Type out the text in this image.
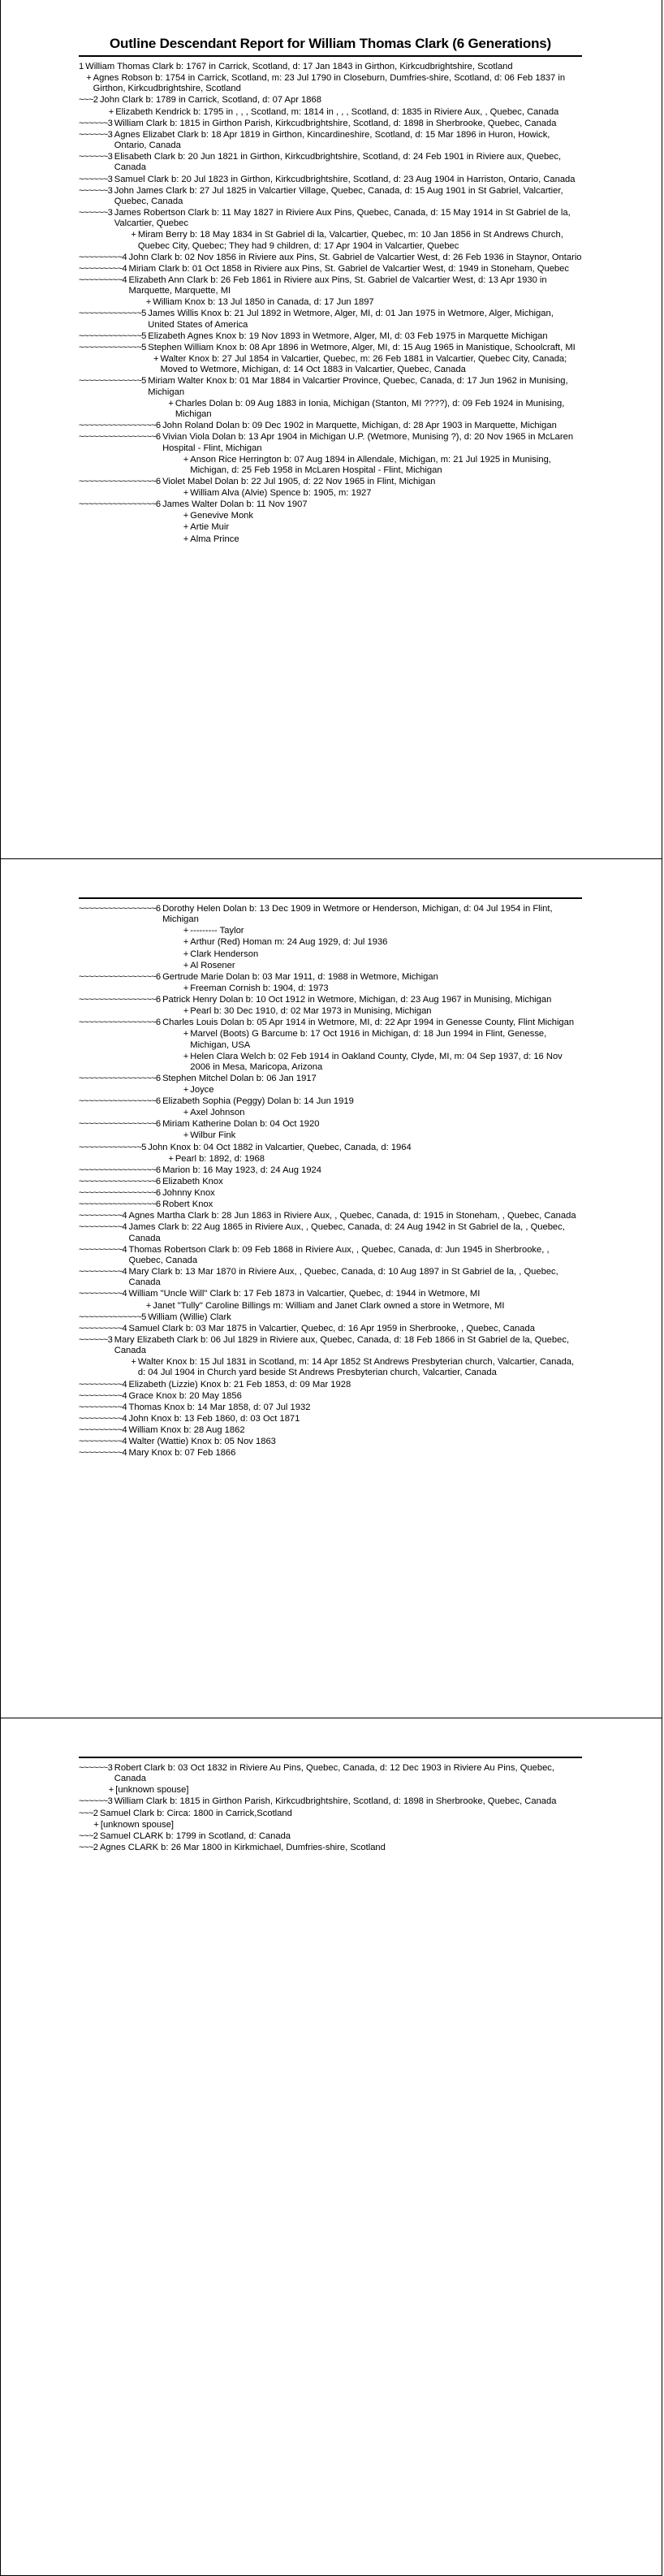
Outline Descendant Report for William Thomas Clark (6 Generations)
1 William Thomas Clark b: 1767 in Carrick, Scotland, d: 17 Jan 1843 in Girthon, Kirkcudbrightshire, Scotland
+ Agnes Robson b: 1754 in Carrick, Scotland, m: 23 Jul 1790 in Closeburn, Dumfries-shire, Scotland, d: 06 Feb 1837 in Girthon, Kirkcudbrightshire, Scotland
~~~2 John Clark b: 1789 in Carrick, Scotland, d: 07 Apr 1868
+ Elizabeth Kendrick b: 1795 in , , , Scotland, m: 1814 in , , , Scotland, d: 1835 in Riviere Aux, , Quebec, Canada
~~~~~~3 William Clark b: 1815 in Girthon Parish, Kirkcudbrightshire, Scotland, d: 1898 in Sherbrooke, Quebec, Canada
~~~~~~3 Agnes Elizabet Clark b: 18 Apr 1819 in Girthon, Kincardineshire, Scotland, d: 15 Mar 1896 in Huron, Howick, Ontario, Canada
~~~~~~3 Elisabeth Clark b: 20 Jun 1821 in Girthon, Kirkcudbrightshire, Scotland, d: 24 Feb 1901 in Riviere aux, Quebec, Canada
~~~~~~3 Samuel Clark b: 20 Jul 1823 in Girthon, Kirkcudbrightshire, Scotland, d: 23 Aug 1904 in Harriston, Ontario, Canada
~~~~~~3 John James Clark b: 27 Jul 1825 in Valcartier Village, Quebec, Canada, d: 15 Aug 1901 in St Gabriel, Valcartier, Quebec, Canada
~~~~~~3 James Robertson Clark b: 11 May 1827 in Riviere Aux Pins, Quebec, Canada, d: 15 May 1914 in St Gabriel de la, Valcartier, Quebec
+ Miram Berry b: 18 May 1834 in St Gabriel di la, Valcartier, Quebec, m: 10 Jan 1856 in St Andrews Church, Quebec City, Quebec; They had 9 children, d: 17 Apr 1904 in Valcartier, Quebec
~~~~~~~~~4 John Clark b: 02 Nov 1856 in Riviere aux Pins, St. Gabriel de Valcartier West, d: 26 Feb 1936 in Staynor, Ontario
~~~~~~~~~4 Miriam Clark b: 01 Oct 1858 in Riviere aux Pins, St. Gabriel de Valcartier West, d: 1949 in Stoneham, Quebec
~~~~~~~~~4 Elizabeth Ann Clark b: 26 Feb 1861 in Riviere aux Pins, St. Gabriel de Valcartier West, d: 13 Apr 1930 in Marquette, Marquette, MI
+ William Knox b: 13 Jul 1850 in Canada, d: 17 Jun 1897
~~~~~~~~~~~~~5 James Willis Knox b: 21 Jul 1892 in Wetmore, Alger, MI, d: 01 Jan 1975 in Wetmore, Alger, Michigan, United States of America
~~~~~~~~~~~~~5 Elizabeth Agnes Knox b: 19 Nov 1893 in Wetmore, Alger, MI, d: 03 Feb 1975 in Marquette Michigan
~~~~~~~~~~~~~5 Stephen William Knox b: 08 Apr 1896 in Wetmore, Alger, MI, d: 15 Aug 1965 in Manistique, Schoolcraft, MI
+ Walter Knox b: 27 Jul 1854 in Valcartier, Quebec, m: 26 Feb 1881 in Valcartier, Quebec City, Canada; Moved to Wetmore, Michigan, d: 14 Oct 1883 in Valcartier, Quebec, Canada
~~~~~~~~~~~~~5 Miriam Walter Knox b: 01 Mar 1884 in Valcartier Province, Quebec, Canada, d: 17 Jun 1962 in Munising, Michigan
+ Charles Dolan b: 09 Aug 1883 in Ionia, Michigan (Stanton, MI ????), d: 09 Feb 1924 in Munising, Michigan
~~~~~~~~~~~~~~~~6 John Roland Dolan b: 09 Dec 1902 in Marquette, Michigan, d: 28 Apr 1903 in Marquette, Michigan
~~~~~~~~~~~~~~~~6 Vivian Viola Dolan b: 13 Apr 1904 in Michigan U.P. (Wetmore, Munising ?), d: 20 Nov 1965 in McLaren Hospital - Flint, Michigan
+ Anson Rice Herrington b: 07 Aug 1894 in Allendale, Michigan, m: 21 Jul 1925 in Munising, Michigan, d: 25 Feb 1958 in McLaren Hospital - Flint, Michigan
~~~~~~~~~~~~~~~~6 Violet Mabel Dolan b: 22 Jul 1905, d: 22 Nov 1965 in Flint, Michigan
+ William Alva (Alvie) Spence b: 1905, m: 1927
~~~~~~~~~~~~~~~~6 James Walter Dolan b: 11 Nov 1907
+ Genevive Monk
+ Artie Muir
+ Alma Prince
~~~~~~~~~~~~~~~~6 Dorothy Helen Dolan b: 13 Dec 1909 in Wetmore or Henderson, Michigan, d: 04 Jul 1954 in Flint, Michigan
+ --------- Taylor
+ Arthur (Red) Homan m: 24 Aug 1929, d: Jul 1936
+ Clark Henderson
+ Al Rosener
~~~~~~~~~~~~~~~~6 Gertrude Marie Dolan b: 03 Mar 1911, d: 1988 in Wetmore, Michigan
+ Freeman Cornish b: 1904, d: 1973
~~~~~~~~~~~~~~~~6 Patrick Henry Dolan b: 10 Oct 1912 in Wetmore, Michigan, d: 23 Aug 1967 in Munising, Michigan
+ Pearl b: 30 Dec 1910, d: 02 Mar 1973 in Munising, Michigan
~~~~~~~~~~~~~~~~6 Charles Louis Dolan b: 05 Apr 1914 in Wetmore, MI, d: 22 Apr 1994 in Genesse County, Flint Michigan
+ Marvel (Boots) G Barcume b: 17 Oct 1916 in Michigan, d: 18 Jun 1994 in Flint, Genesse, Michigan, USA
+ Helen Clara Welch b: 02 Feb 1914 in Oakland County, Clyde, MI, m: 04 Sep 1937, d: 16 Nov 2006 in Mesa, Maricopa, Arizona
~~~~~~~~~~~~~~~~6 Stephen Mitchel Dolan b: 06 Jan 1917
+ Joyce
~~~~~~~~~~~~~~~~6 Elizabeth Sophia (Peggy) Dolan b: 14 Jun 1919
+ Axel Johnson
~~~~~~~~~~~~~~~~6 Miriam Katherine Dolan b: 04 Oct 1920
+ Wilbur Fink
~~~~~~~~~~~~~5 John Knox b: 04 Oct 1882 in Valcartier, Quebec, Canada, d: 1964
+ Pearl b: 1892, d: 1968
~~~~~~~~~~~~~~~~6 Marion b: 16 May 1923, d: 24 Aug 1924
~~~~~~~~~~~~~~~~6 Elizabeth Knox
~~~~~~~~~~~~~~~~6 Johnny Knox
~~~~~~~~~~~~~~~~6 Robert Knox
~~~~~~~~~4 Agnes Martha Clark b: 28 Jun 1863 in Riviere Aux, , Quebec, Canada, d: 1915 in Stoneham, , Quebec, Canada
~~~~~~~~~4 James Clark b: 22 Aug 1865 in Riviere Aux, , Quebec, Canada, d: 24 Aug 1942 in St Gabriel de la, , Quebec, Canada
~~~~~~~~~4 Thomas Robertson Clark b: 09 Feb 1868 in Riviere Aux, , Quebec, Canada, d: Jun 1945 in Sherbrooke, , Quebec, Canada
~~~~~~~~~4 Mary Clark b: 13 Mar 1870 in Riviere Aux, , Quebec, Canada, d: 10 Aug 1897 in St Gabriel de la, , Quebec, Canada
~~~~~~~~~4 William "Uncle Will" Clark b: 17 Feb 1873 in Valcartier, Quebec, d: 1944 in Wetmore, MI
+ Janet "Tully" Caroline Billings m: William and Janet Clark owned a store in Wetmore, MI
~~~~~~~~~~~~~5 William (Willie) Clark
~~~~~~~~~4 Samuel Clark b: 03 Mar 1875 in Valcartier, Quebec, d: 16 Apr 1959 in Sherbrooke, , Quebec, Canada
~~~~~~3 Mary Elizabeth Clark b: 06 Jul 1829 in Riviere aux, Quebec, Canada, d: 18 Feb 1866 in St Gabriel de la, Quebec, Canada
+ Walter Knox b: 15 Jul 1831 in Scotland, m: 14 Apr 1852 St Andrews Presbyterian church, Valcartier, Canada, d: 04 Jul 1904 in Church yard beside St Andrews Presbyterian church, Valcartier, Canada
~~~~~~~~~4 Elizabeth (Lizzie) Knox b: 21 Feb 1853, d: 09 Mar 1928
~~~~~~~~~4 Grace Knox b: 20 May 1856
~~~~~~~~~4 Thomas Knox b: 14 Mar 1858, d: 07 Jul 1932
~~~~~~~~~4 John Knox b: 13 Feb 1860, d: 03 Oct 1871
~~~~~~~~~4 William Knox b: 28 Aug 1862
~~~~~~~~~4 Walter (Wattie) Knox b: 05 Nov 1863
~~~~~~~~~4 Mary Knox b: 07 Feb 1866
~~~~~~3 Robert Clark b: 03 Oct 1832 in Riviere Au Pins, Quebec, Canada, d: 12 Dec 1903 in Riviere Au Pins, Quebec, Canada
+ [unknown spouse]
~~~~~~3 William Clark b: 1815 in Girthon Parish, Kirkcudbrightshire, Scotland, d: 1898 in Sherbrooke, Quebec, Canada
~~~2 Samuel Clark b: Circa: 1800 in Carrick,Scotland
+ [unknown spouse]
~~~2 Samuel CLARK b: 1799 in Scotland, d: Canada
~~~2 Agnes CLARK b: 26 Mar 1800 in Kirkmichael, Dumfries-shire, Scotland
